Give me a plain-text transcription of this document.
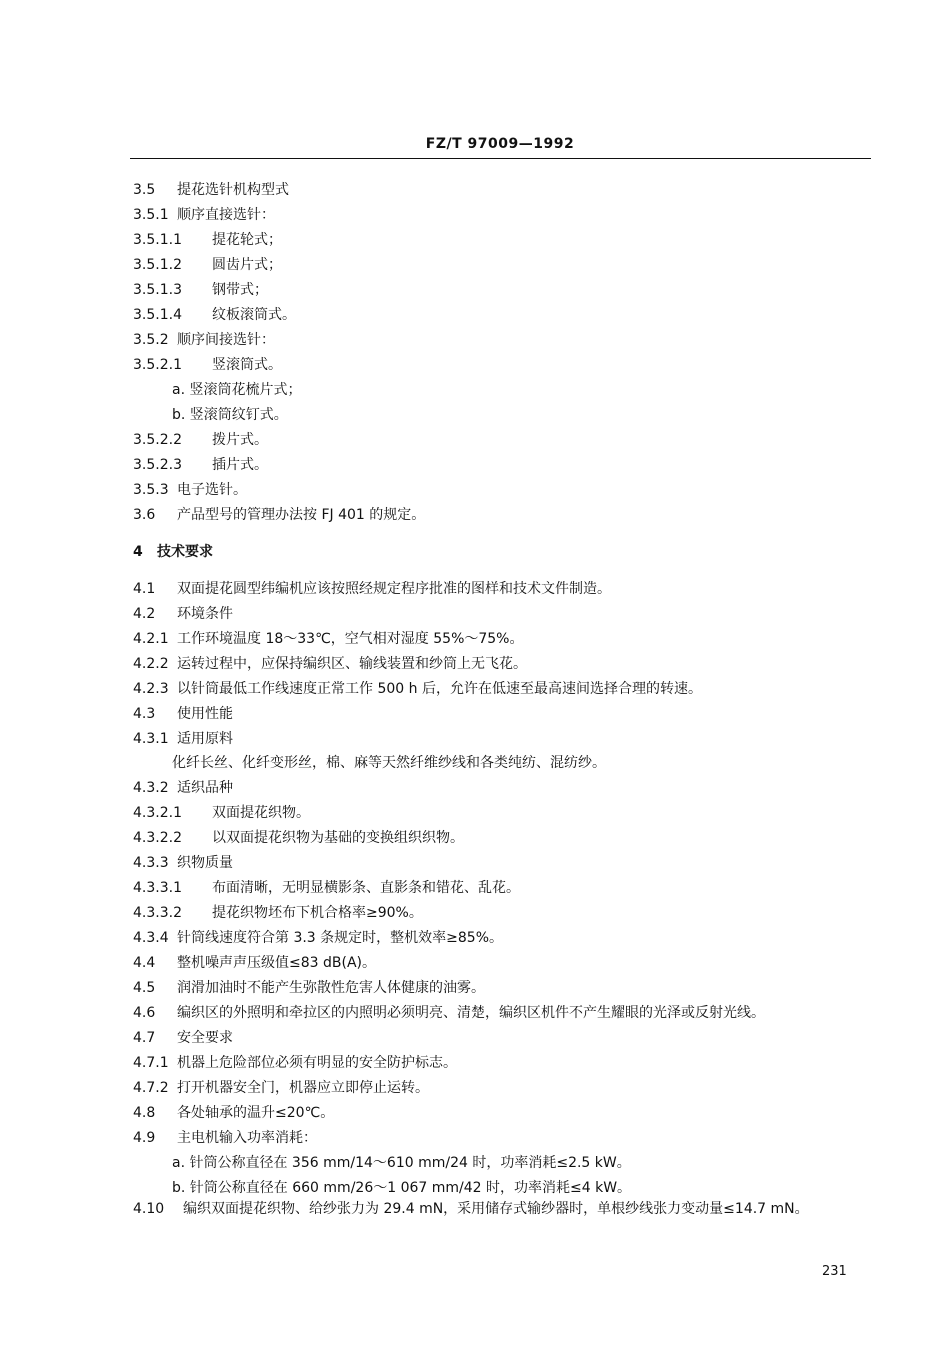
FZ/T 97009—1992
3.5 提花选针机构型式
3.5.1 顺序直接选针：
3.5.1.1 提花轮式；
3.5.1.2 圆齿片式；
3.5.1.3 钢带式；
3.5.1.4 纹板滚筒式。
3.5.2 顺序间接选针：
3.5.2.1 竖滚筒式。
a. 竖滚筒花梳片式；
b. 竖滚筒纹钉式。
3.5.2.2 拨片式。
3.5.2.3 插片式。
3.5.3 电子选针。
3.6 产品型号的管理办法按 FJ 401 的规定。
4 技术要求
4.1 双面提花圆型纬编机应该按照经规定程序批准的图样和技术文件制造。
4.2 环境条件
4.2.1 工作环境温度 18～33℃，空气相对湿度 55%～75%。
4.2.2 运转过程中，应保持编织区、输线装置和纱筒上无飞花。
4.2.3 以针筒最低工作线速度正常工作 500 h 后，允许在低速至最高速间选择合理的转速。
4.3 使用性能
4.3.1 适用原料
化纤长丝、化纤变形丝，棉、麻等天然纤维纱线和各类纯纺、混纺纱。
4.3.2 适织品种
4.3.2.1 双面提花织物。
4.3.2.2 以双面提花织物为基础的变换组织织物。
4.3.3 织物质量
4.3.3.1 布面清晰，无明显横影条、直影条和错花、乱花。
4.3.3.2 提花织物坯布下机合格率≥90%。
4.3.4 针筒线速度符合第 3.3 条规定时，整机效率≥85%。
4.4 整机噪声声压级值≤83 dB(A)。
4.5 润滑加油时不能产生弥散性危害人体健康的油雾。
4.6 编织区的外照明和牵拉区的内照明必须明亮、清楚，编织区机件不产生耀眼的光泽或反射光线。
4.7 安全要求
4.7.1 机器上危险部位必须有明显的安全防护标志。
4.7.2 打开机器安全门，机器应立即停止运转。
4.8 各处轴承的温升≤20℃。
4.9 主电机输入功率消耗：
a. 针筒公称直径在 356 mm/14～610 mm/24 时，功率消耗≤2.5 kW。
b. 针筒公称直径在 660 mm/26～1 067 mm/42 时，功率消耗≤4 kW。
4.10 编织双面提花织物、给纱张力为 29.4 mN，采用储存式输纱器时，单根纱线张力变动量≤14.7 mN。
231
